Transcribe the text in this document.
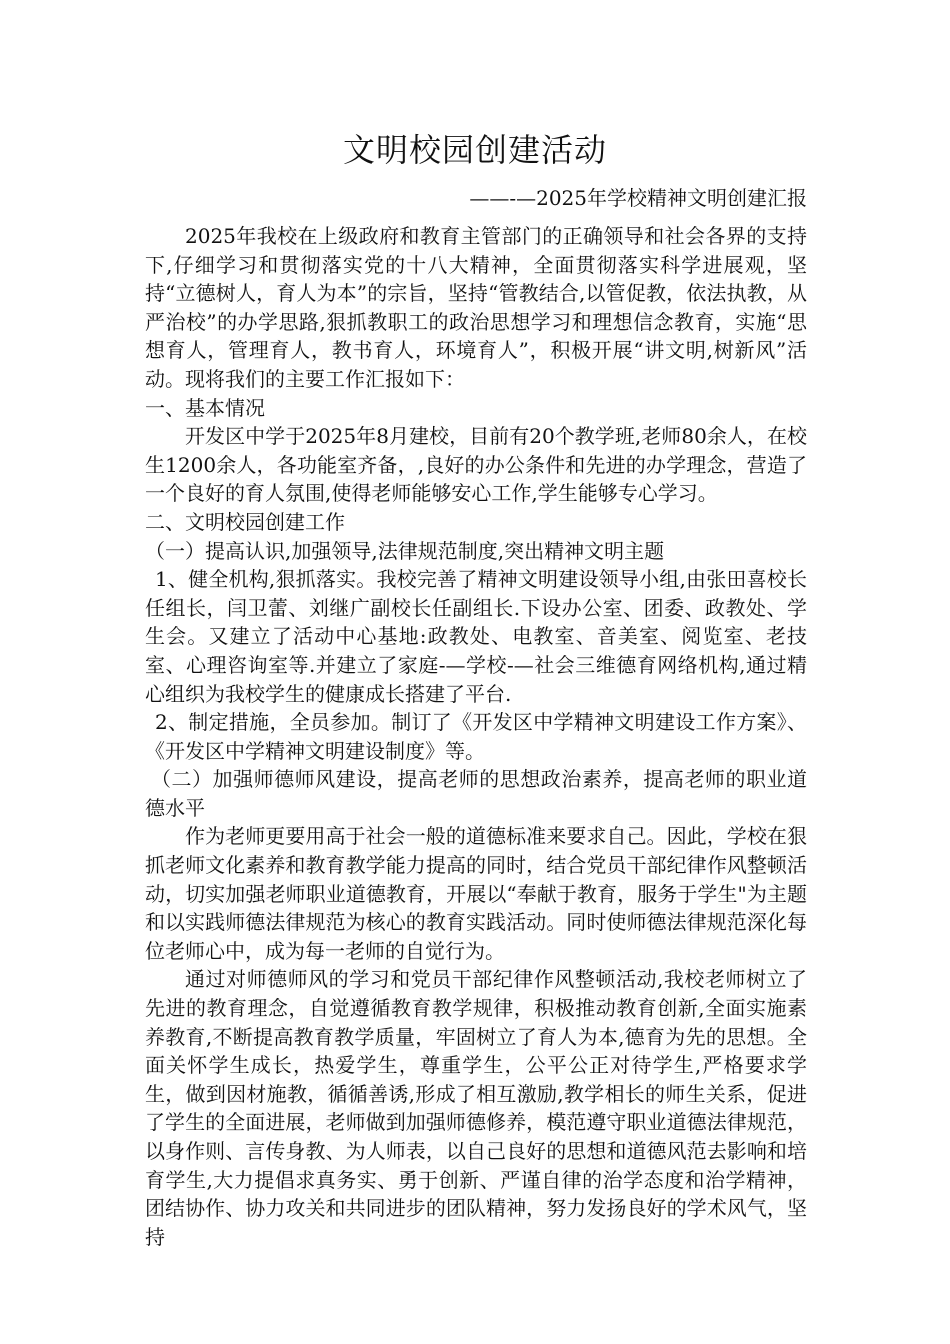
文明校园创建活动
——-—2025年学校精神文明创建汇报

2025年我校在上级政府和教育主管部门的正确领导和社会各界的支持下,仔细学习和贯彻落实党的十八大精神，全面贯彻落实科学进展观，坚持“立德树人，育人为本”的宗旨，坚持“管教结合,以管促教，依法执教，从严治校”的办学思路,狠抓教职工的政治思想学习和理想信念教育，实施“思想育人，管理育人，教书育人，环境育人”，积极开展“讲文明,树新风”活动。现将我们的主要工作汇报如下：

一、基本情况

开发区中学于2025年8月建校，目前有20个教学班,老师80余人，在校生1200余人，各功能室齐备，,良好的办公条件和先进的办学理念，营造了一个良好的育人氛围,使得老师能够安心工作,学生能够专心学习。

二、文明校园创建工作

（一）提高认识,加强领导,法律规范制度,突出精神文明主题

1、健全机构,狠抓落实。我校完善了精神文明建设领导小组,由张田喜校长任组长，闫卫蕾、刘继广副校长任副组长.下设办公室、团委、政教处、学生会。又建立了活动中心基地:政教处、电教室、音美室、阅览室、老技室、心理咨询室等.并建立了家庭-—学校-—社会三维德育网络机构,通过精心组织为我校学生的健康成长搭建了平台.

2、制定措施，全员参加。制订了《开发区中学精神文明建设工作方案》、《开发区中学精神文明建设制度》等。

（二）加强师德师风建设，提高老师的思想政治素养，提高老师的职业道德水平

作为老师更要用高于社会一般的道德标准来要求自己。因此，学校在狠抓老师文化素养和教育教学能力提高的同时，结合党员干部纪律作风整顿活动，切实加强老师职业道德教育，开展以“奉献于教育，服务于学生"为主题和以实践师德法律规范为核心的教育实践活动。同时使师德法律规范深化每位老师心中，成为每一老师的自觉行为。

通过对师德师风的学习和党员干部纪律作风整顿活动,我校老师树立了先进的教育理念，自觉遵循教育教学规律，积极推动教育创新,全面实施素养教育,不断提高教育教学质量，牢固树立了育人为本,德育为先的思想。全面关怀学生成长，热爱学生，尊重学生，公平公正对待学生,严格要求学生，做到因材施教，循循善诱,形成了相互激励,教学相长的师生关系，促进了学生的全面进展，老师做到加强师德修养，模范遵守职业道德法律规范，以身作则、言传身教、为人师表，以自己良好的思想和道德风范去影响和培育学生,大力提倡求真务实、勇于创新、严谨自律的治学态度和治学精神，团结协作、协力攻关和共同进步的团队精神，努力发扬良好的学术风气，坚持
